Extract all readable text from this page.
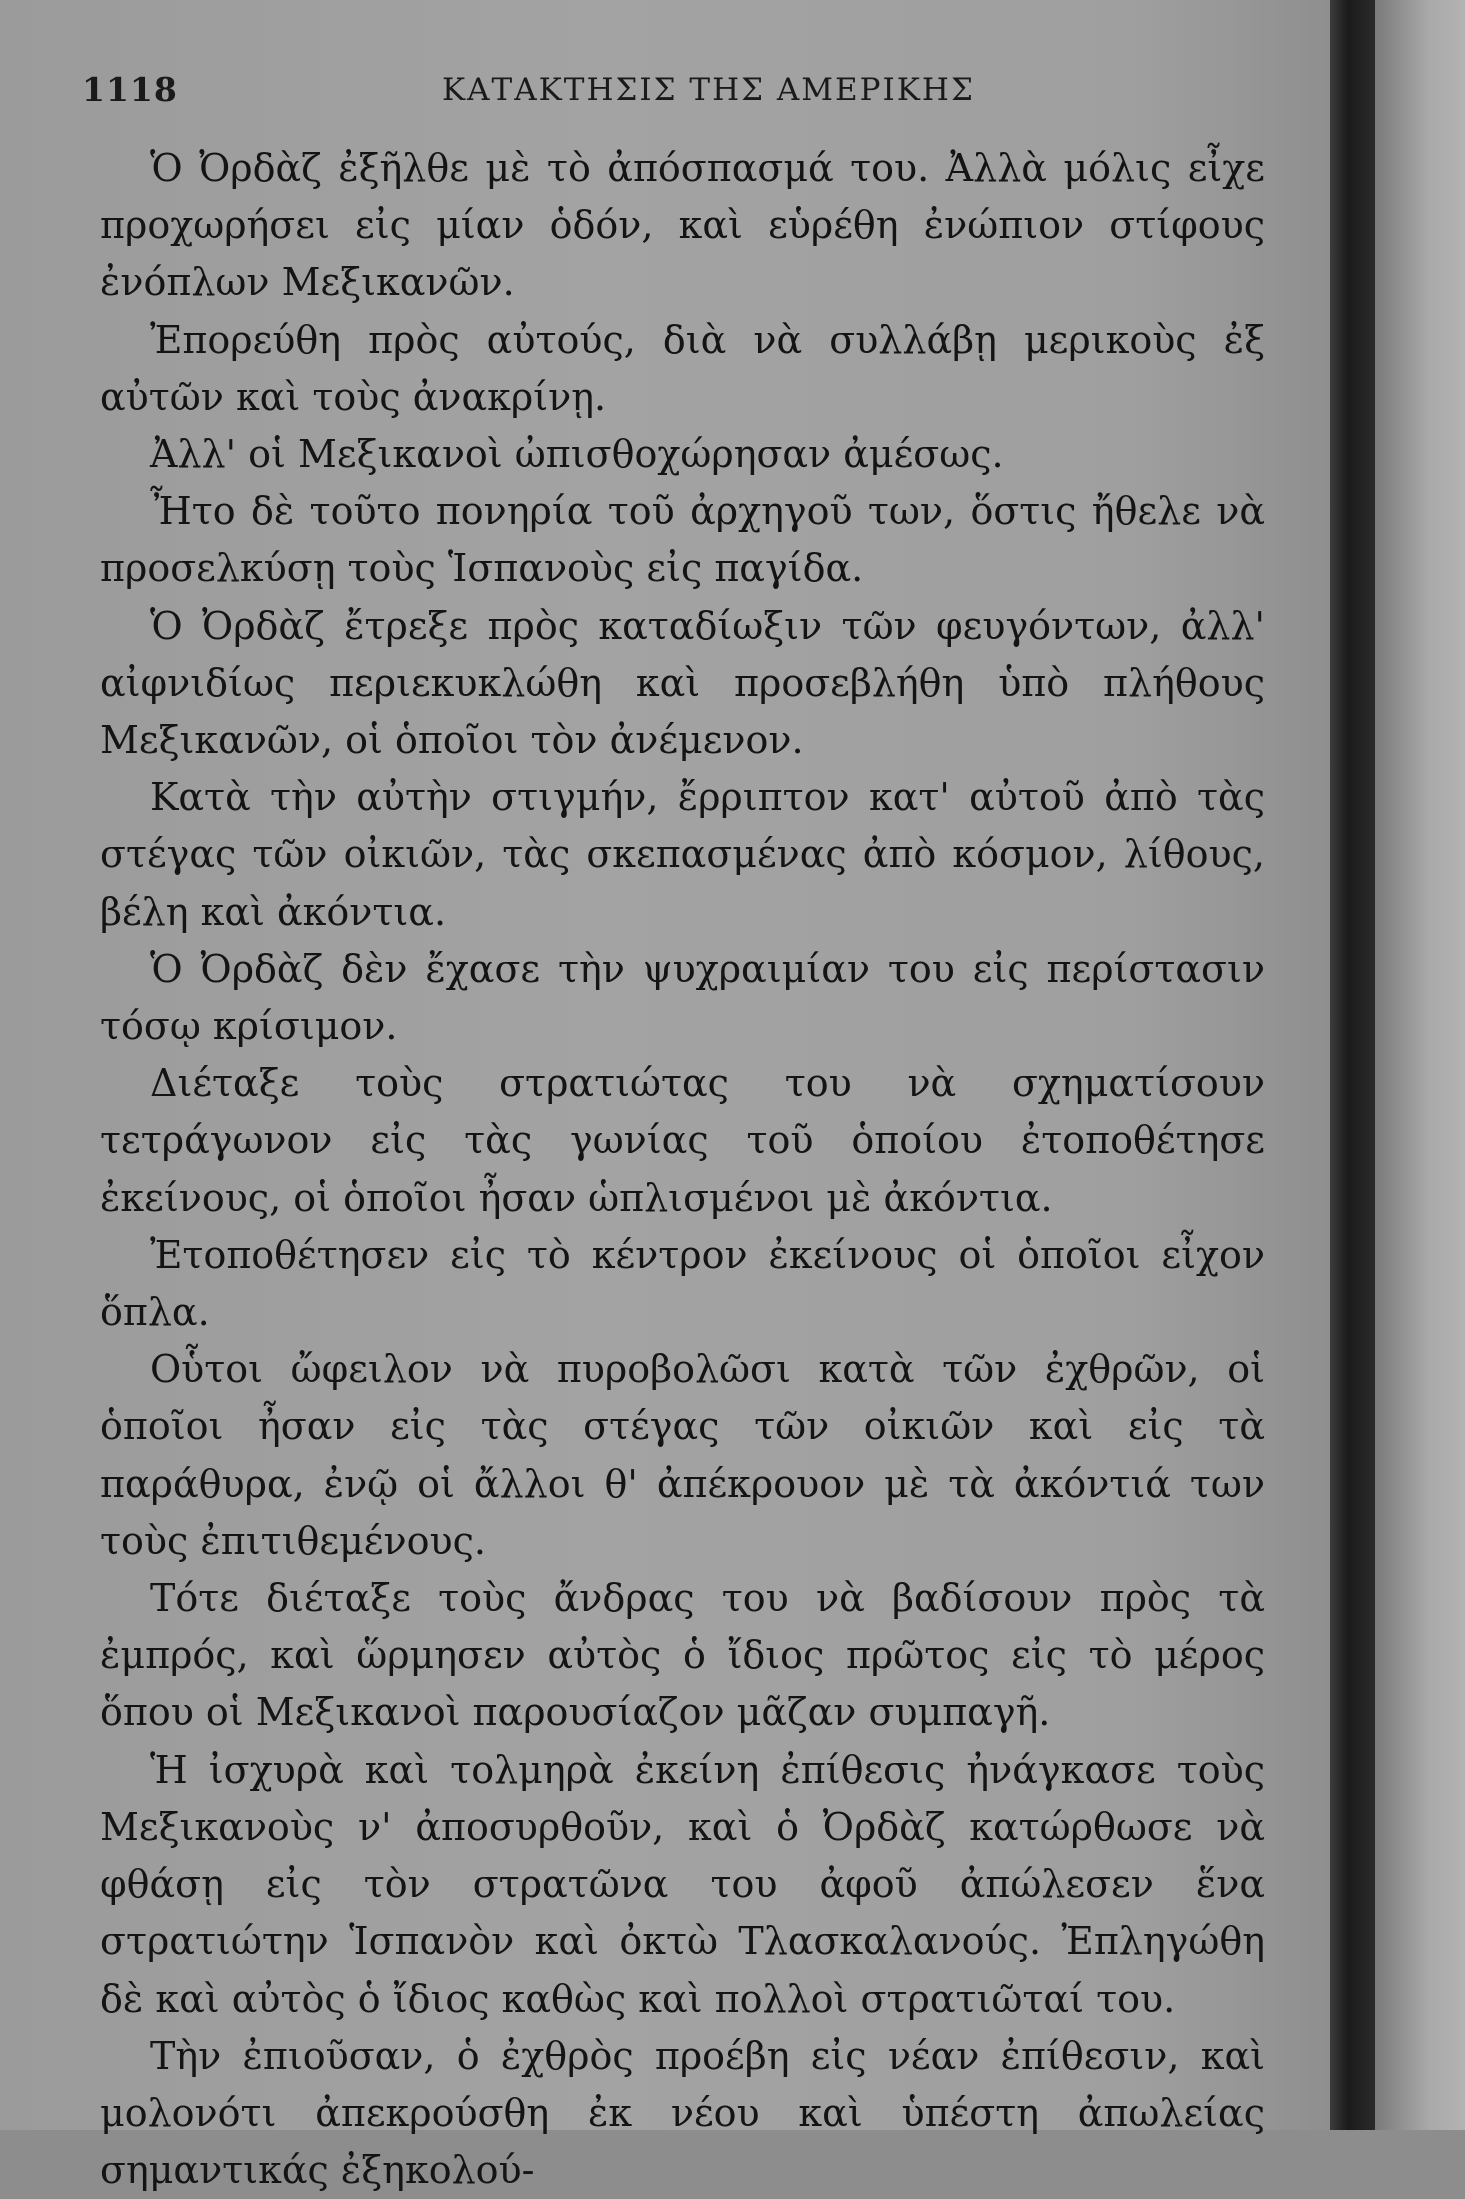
1118	ΚΑΤΑΚΤΗΣΙΣ ΤΗΣ ΑΜΕΡΙΚΗΣ

Ὁ Ὀρδὰζ ἐξῆλθε μὲ τὸ ἀπόσπασμά του. Ἀλλὰ μόλις εἶχε προχωρήσει εἰς μίαν ὁδόν, καὶ εὑρέθη ἐνώπιον στίφους ἐνόπλων Μεξικανῶν.

Ἐπορεύθη πρὸς αὐτούς, διὰ νὰ συλλάβῃ μερικοὺς ἐξ αὐτῶν καὶ τοὺς ἀνακρίνῃ.

Ἀλλ' οἱ Μεξικανοὶ ὠπισθοχώρησαν ἀμέσως.

Ἦτο δὲ τοῦτο πονηρία τοῦ ἀρχηγοῦ των, ὅστις ἤθελε νὰ προσελκύσῃ τοὺς Ἱσπανοὺς εἰς παγίδα.

Ὁ Ὀρδὰζ ἔτρεξε πρὸς καταδίωξιν τῶν φευγόντων, ἀλλ' αἰφνιδίως περιεκυκλώθη καὶ προσεβλήθη ὑπὸ πλήθους Μεξικανῶν, οἱ ὁποῖοι τὸν ἀνέμενον.

Κατὰ τὴν αὐτὴν στιγμήν, ἔρριπτον κατ' αὐτοῦ ἀπὸ τὰς στέγας τῶν οἰκιῶν, τὰς σκεπασμένας ἀπὸ κόσμον, λίθους, βέλη καὶ ἀκόντια.

Ὁ Ὀρδὰζ δὲν ἔχασε τὴν ψυχραιμίαν του εἰς περίστασιν τόσῳ κρίσιμον.

Διέταξε τοὺς στρατιώτας του νὰ σχηματίσουν τετράγωνον εἰς τὰς γωνίας τοῦ ὁποίου ἐτοποθέτησε ἐκείνους, οἱ ὁποῖοι ἦσαν ὡπλισμένοι μὲ ἀκόντια.

Ἐτοποθέτησεν εἰς τὸ κέντρον ἐκείνους οἱ ὁποῖοι εἶχον ὅπλα.

Οὗτοι ὤφειλον νὰ πυροβολῶσι κατὰ τῶν ἐχθρῶν, οἱ ὁποῖοι ἦσαν εἰς τὰς στέγας τῶν οἰκιῶν καὶ εἰς τὰ παράθυρα, ἐνῷ οἱ ἄλλοι θ' ἀπέκρουον μὲ τὰ ἀκόντιά των τοὺς ἐπιτιθεμένους.

Τότε διέταξε τοὺς ἄνδρας του νὰ βαδίσουν πρὸς τὰ ἐμπρός, καὶ ὥρμησεν αὐτὸς ὁ ἴδιος πρῶτος εἰς τὸ μέρος ὅπου οἱ Μεξικανοὶ παρουσίαζον μᾶζαν συμπαγῆ.

Ἡ ἰσχυρὰ καὶ τολμηρὰ ἐκείνη ἐπίθεσις ἠνάγκασε τοὺς Μεξικανοὺς ν' ἀποσυρθοῦν, καὶ ὁ Ὀρδὰζ κατώρθωσε νὰ φθάσῃ εἰς τὸν στρατῶνα του ἀφοῦ ἀπώλεσεν ἕνα στρατιώτην Ἱσπανὸν καὶ ὀκτὼ Τλασκαλανούς. Ἐπληγώθη δὲ καὶ αὐτὸς ὁ ἴδιος καθὼς καὶ πολλοὶ στρατιῶταί του.

Τὴν ἐπιοῦσαν, ὁ ἐχθρὸς προέβη εἰς νέαν ἐπίθεσιν, καὶ μολονότι ἀπεκρούσθη ἐκ νέου καὶ ὑπέστη ἀπωλείας σημαντικάς ἐξηκολού-
